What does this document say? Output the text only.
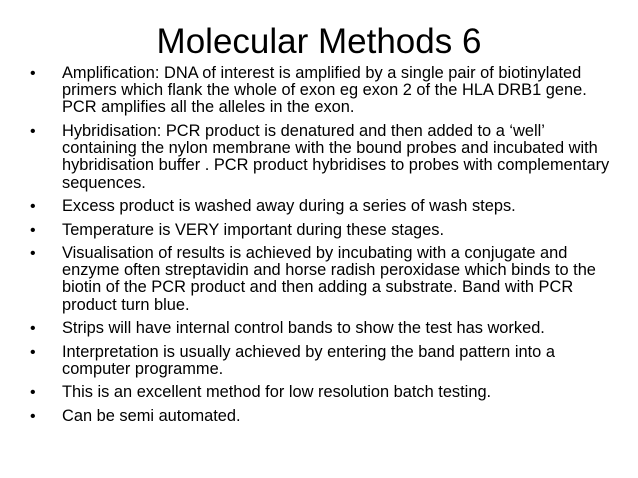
Molecular Methods 6
• Amplification: DNA of interest is amplified by a single pair of biotinylated primers which flank the whole of exon eg exon 2 of the HLA DRB1 gene. PCR amplifies all the alleles in the exon.
• Hybridisation: PCR product is denatured and then added to a ‘well’ containing the nylon membrane with the bound probes and incubated with hybridisation buffer . PCR product hybridises to probes with complementary sequences.
• Excess product is washed away during a series of wash steps.
• Temperature is VERY important during these stages.
• Visualisation of results is achieved by incubating with a conjugate and enzyme often streptavidin and horse radish peroxidase which binds to the biotin of the PCR product and then adding a substrate. Band with PCR product turn blue.
• Strips will have internal control bands to show the test has worked.
• Interpretation is usually achieved by entering the band pattern into a computer programme.
• This is an excellent method for low resolution batch testing.
• Can be semi automated.
